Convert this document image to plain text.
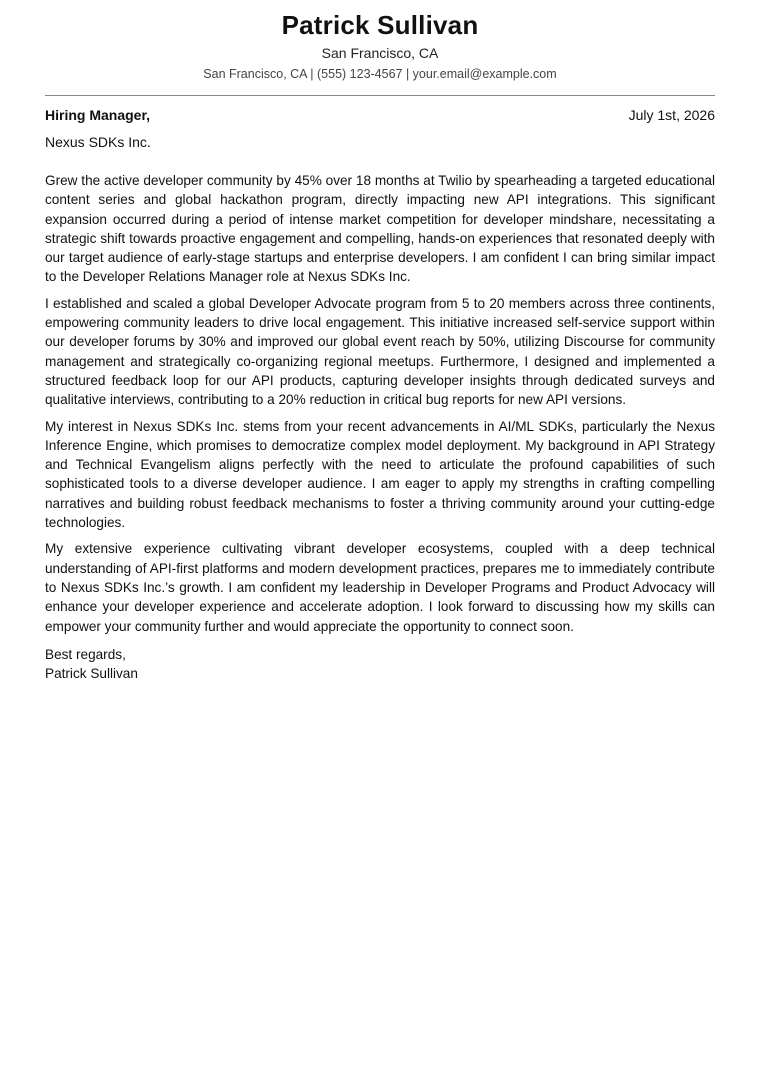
Patrick Sullivan
San Francisco, CA
San Francisco, CA | (555) 123-4567 | your.email@example.com
Hiring Manager,	July 1st, 2026
Nexus SDKs Inc.

Grew the active developer community by 45% over 18 months at Twilio by spearheading a targeted educational content series and global hackathon program, directly impacting new API integrations. This significant expansion occurred during a period of intense market competition for developer mindshare, necessitating a strategic shift towards proactive engagement and compelling, hands-on experiences that resonated deeply with our target audience of early-stage startups and enterprise developers. I am confident I can bring similar impact to the Developer Relations Manager role at Nexus SDKs Inc.

I established and scaled a global Developer Advocate program from 5 to 20 members across three continents, empowering community leaders to drive local engagement. This initiative increased self-service support within our developer forums by 30% and improved our global event reach by 50%, utilizing Discourse for community management and strategically co-organizing regional meetups. Furthermore, I designed and implemented a structured feedback loop for our API products, capturing developer insights through dedicated surveys and qualitative interviews, contributing to a 20% reduction in critical bug reports for new API versions.

My interest in Nexus SDKs Inc. stems from your recent advancements in AI/ML SDKs, particularly the Nexus Inference Engine, which promises to democratize complex model deployment. My background in API Strategy and Technical Evangelism aligns perfectly with the need to articulate the profound capabilities of such sophisticated tools to a diverse developer audience. I am eager to apply my strengths in crafting compelling narratives and building robust feedback mechanisms to foster a thriving community around your cutting-edge technologies.

My extensive experience cultivating vibrant developer ecosystems, coupled with a deep technical understanding of API-first platforms and modern development practices, prepares me to immediately contribute to Nexus SDKs Inc.’s growth. I am confident my leadership in Developer Programs and Product Advocacy will enhance your developer experience and accelerate adoption. I look forward to discussing how my skills can empower your community further and would appreciate the opportunity to connect soon.

Best regards,
Patrick Sullivan
